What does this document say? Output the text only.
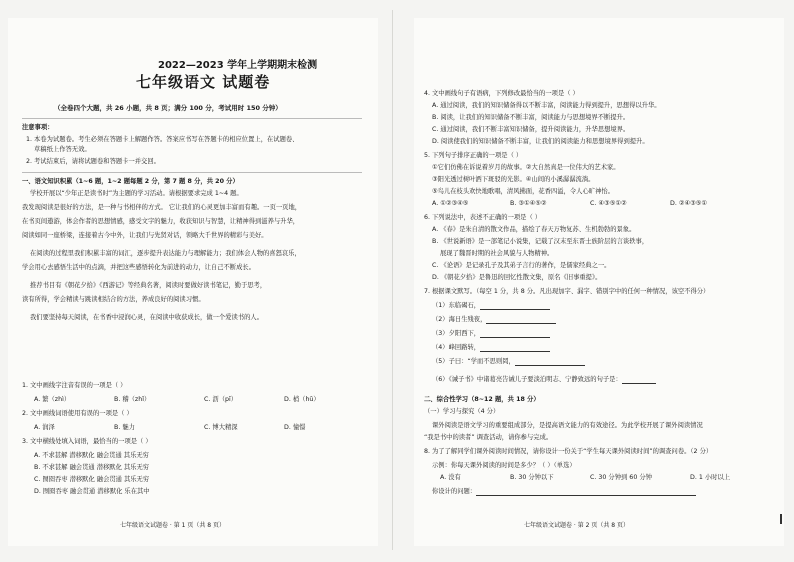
2022—2023 学年上学期期末检测
七年级语文 试题卷
（全卷四个大题，共 26 小题，共 8 页；满分 100 分，考试用时 150 分钟）
注意事项：
1. 本卷为试题卷。考生必须在答题卡上解题作答。答案应书写在答题卡的相应位置上，在试题卷、
草稿纸上作答无效。
2. 考试结束后，请将试题卷和答题卡一并交回。
一、语文知识积累（1~6 题，1~2 题每题 2 分，第 7 题 8 分，共 20 分）
学校开展以“少年正是读书时”为主题的学习活动。请根据要求完成 1~4 题。
我发现阅读是很好的方法，是一种与书相伴的方式。 它让我们的心灵更加丰富而有趣。一页一页地，
在书页间遨游，体会作者的思想情感，感受文字的魅力，收获知识与智慧，让精神得到滋养与升华，
阅读如同一座桥梁，连接着古今中外，让我们与先贤对话，领略大千世界的精彩与美好。
在阅读的过程里我们积累丰富的词汇，逐步提升表达能力与理解能力；我们体会人物的喜怒哀乐，
学会用心去感悟生活中的点滴，并把这些感悟转化为前进的动力，让自己不断成长。
推荐书目有《朝花夕拾》《西游记》等经典名著，阅读时要做好读书笔记，勤于思考，
读有所得，学会精读与跳读相结合的方法，养成良好的阅读习惯。
我们要坚持每天阅读，在书香中浸润心灵，在阅读中收获成长，做一个爱读书的人。
1. 文中画线字注音有误的一项是（ ）
A. 繁（zhì）	B. 稽（zhǐ）	C. 沥（pī）	D. 梢（hū）
2. 文中画线词语使用有误的一项是（ ）
A. 润泽	B. 魅力	C. 博大精深	D. 憧憬
3. 文中横线处填入词语，最恰当的一项是（ ）
A. 不求甚解 潜移默化 融会贯通 其乐无穷
B. 不求甚解 融会贯通 潜移默化 其乐无穷
C. 囫囵吞枣 潜移默化 融会贯通 其乐无穷
D. 囫囵吞枣 融会贯通 潜移默化 乐在其中
七年级语文试题卷 · 第 1 页（共 8 页）
4. 文中画线句子有语病，下列修改最恰当的一项是（ ）
A. 通过阅读，我们的知识储备得以不断丰富，阅读能力得到提升，思想得以升华。
B. 阅读，让我们的知识储备不断丰富，阅读能力与思想境界不断提升。
C. 通过阅读，我们不断丰富知识储备，提升阅读能力，升华思想境界。
D. 阅读使我们的知识储备不断丰富，让我们的阅读能力和思想境界得到提升。
5. 下列句子排序正确的一项是（ ）
①它们仿佛在诉说着岁月的故事。②大自然真是一位伟大的艺术家。
③阳光透过树叶洒下斑驳的光影。④山间的小溪潺潺流淌。
⑤鸟儿在枝头欢快地歌唱，清风拂面，花香四溢，令人心旷神怡。
A. ①②③④⑤	B. ③①④⑤②	C. ④③⑤①②	D. ②④③⑤①
6. 下列说法中，表述不正确的一项是（ ）
A. 《春》是朱自清的散文作品，描绘了春天万物复苏、生机勃勃的景象。
B. 《世说新语》是一部笔记小说集，记载了汉末至东晋士族阶层的言谈轶事，
展现了魏晋时期的社会风貌与人物精神。
C. 《论语》是记录孔子及其弟子言行的著作，是儒家经典之一。
D. 《朝花夕拾》是鲁迅的回忆性散文集，原名《旧事重提》。
7. 根据课文默写。（每空 1 分，共 8 分。凡出现加字、漏字、错别字中的任何一种情况，该空不得分）
（1）东临碣石，
（2）海日生残夜，
（3）夕阳西下，
（4）峰回路转，
（5）子曰：“学而不思则罔，
（6）《诫子书》中诸葛亮告诫儿子要淡泊明志、宁静致远的句子是：
二、综合性学习（8~12 题，共 18 分）
（一）学习与探究（4 分）
课外阅读是语文学习的重要组成部分，是提高语文能力的有效途径。为此学校开展了课外阅读情况
“我是书中的读者” 调查活动，请你参与完成。
8. 为了了解同学们课外阅读时间情况，请你设计一份关于“学生每天课外阅读时间”的调查问卷。（2 分）
示例：你每天课外阅读的时间是多少？（ ）（单选）
A. 没有	B. 30 分钟以下	C. 30 分钟到 60 分钟	D. 1 小时以上
你设计的问题：
七年级语文试题卷 · 第 2 页（共 8 页）
